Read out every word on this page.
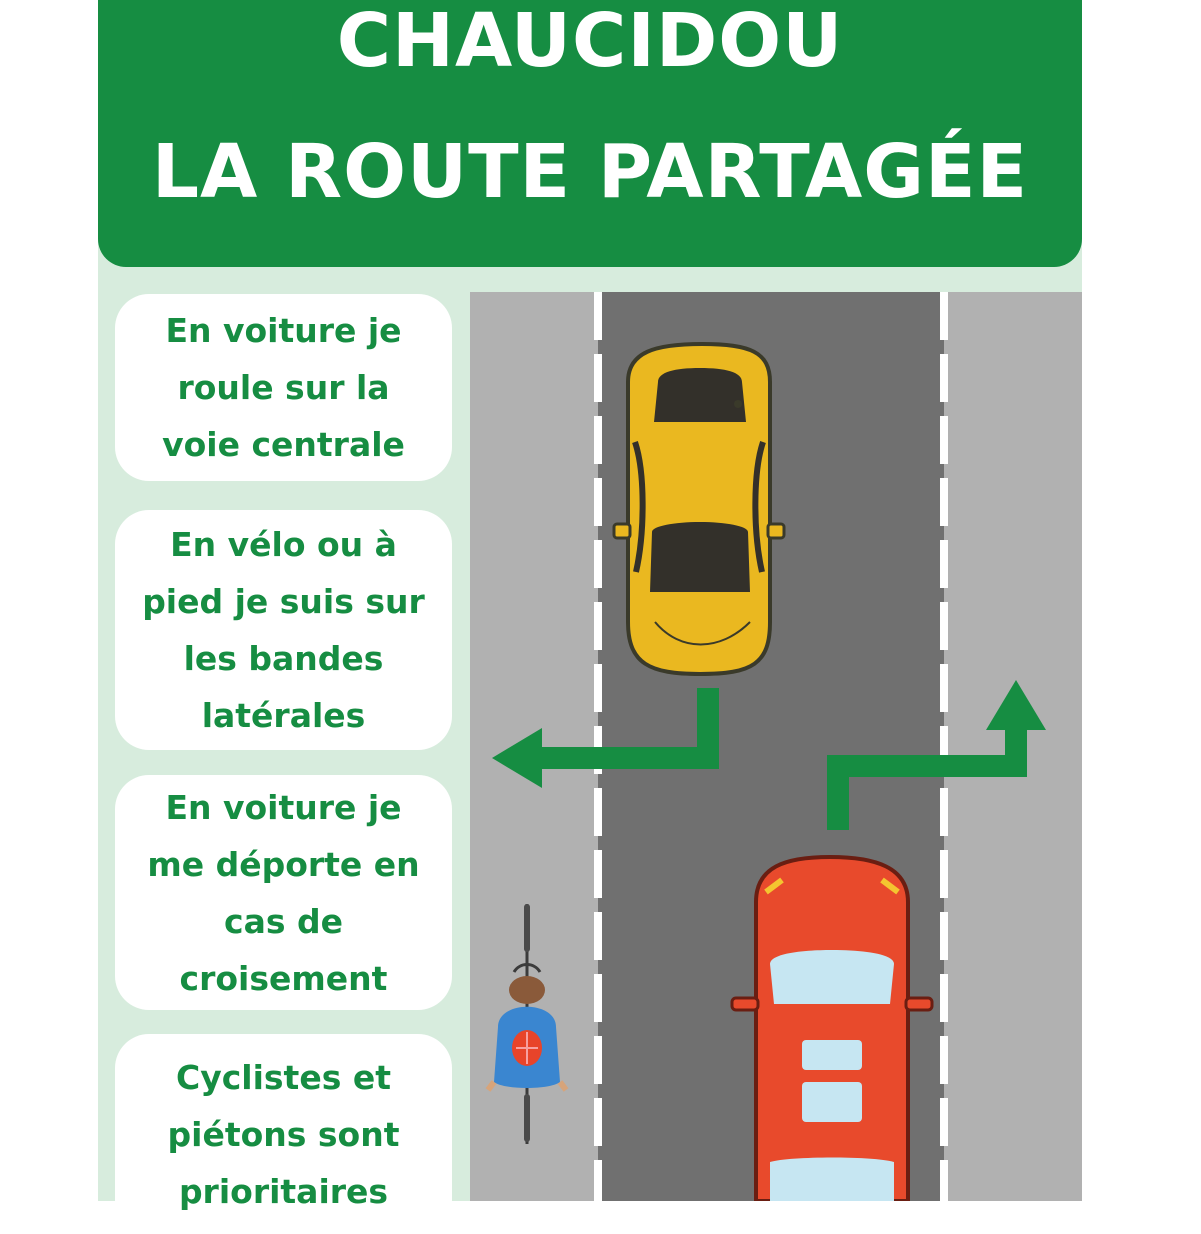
CHAUCIDOU
LA ROUTE PARTAGÉE
En voiture je roule sur la voie centrale
En vélo ou à pied je suis sur les bandes latérales
En voiture je me déporte en cas de croisement
Cyclistes et piétons sont prioritaires
